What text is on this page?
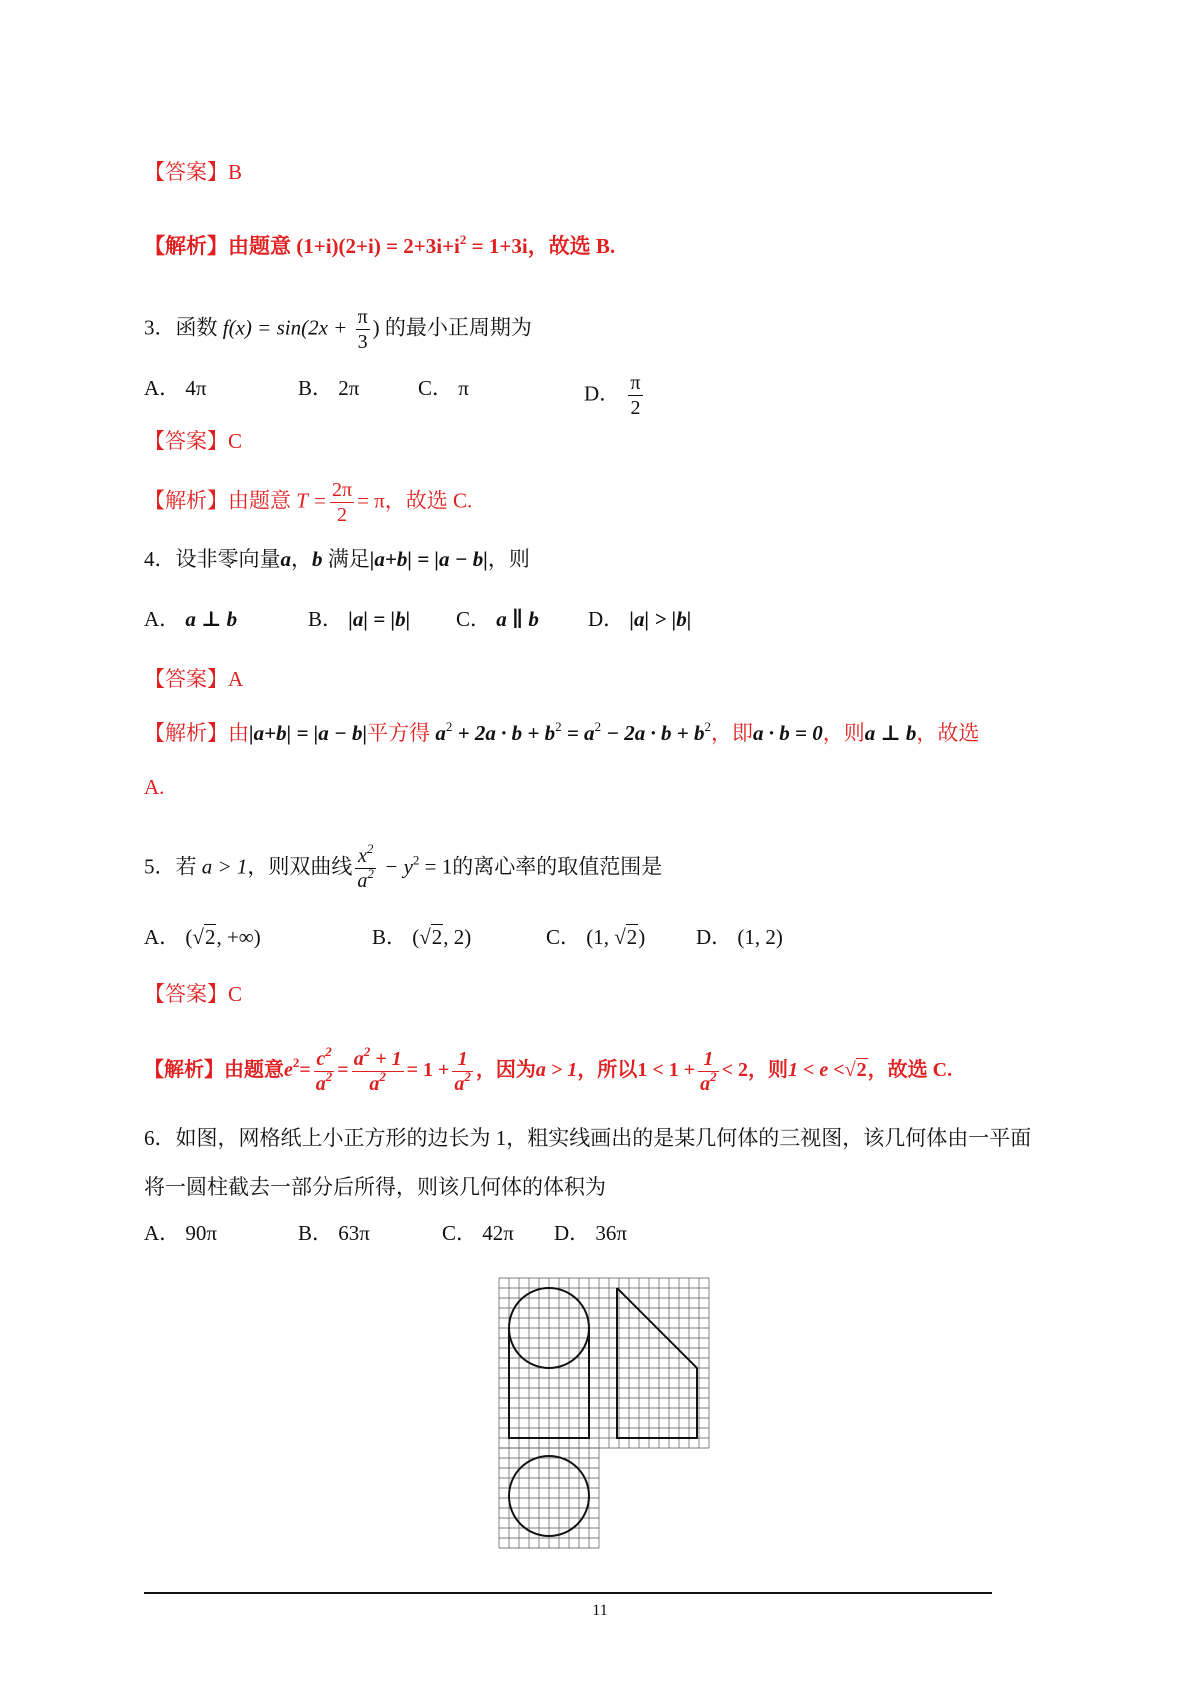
【答案】B
【解析】由题意 $(1+i)(2+i) = 2+3i+i^2 = 1+3i$，故选 B.
3．函数 $f(x) = \sin(2x + \frac{\pi}{3}$ ) 的最小正周期为
A． 4π	B． 2π	C． π	D． $\frac{\pi}{2}$
【答案】C
【解析】由题意 $T = \frac{2\pi}{2} = \pi$，故选 C.
4．设非零向量a，b 满足|a+b| = |a − b|，则
A． a ⊥ b	B． |a| = |b| C． a ∥ b D． |a| > |b|
【答案】A
【解析】由|a+b| = |a − b|平方得 $a^2 + 2a \cdot b + b^2 = a^2 - 2a \cdot b + b^2$，即a · b = 0，则a ⊥ b，故选
A.
5．若 a > 1，则双曲线 $\frac{x^2}{a^2} - y^2 = 1$的离心率的取值范围是
A． (√2, +∞)	B． (√2, 2)	C． (1, √2) D． (1, 2)
【答案】C
【解析】由题意$e^2= \frac{c^2}{a^2} = \frac{a^2 + 1}{a^2} = 1 + \frac{1}{a^2}$ ，因为a > 1，所以$1 < 1 + \frac{1}{a^2} < 2$，则1 < e <√2，故选 C.
6．如图，网格纸上小正方形的边长为 1，粗实线画出的是某几何体的三视图，该几何体由一平面
将一圆柱截去一部分后所得，则该几何体的体积为
A． 90π	B． 63π	C． 42π D． 36π
11
